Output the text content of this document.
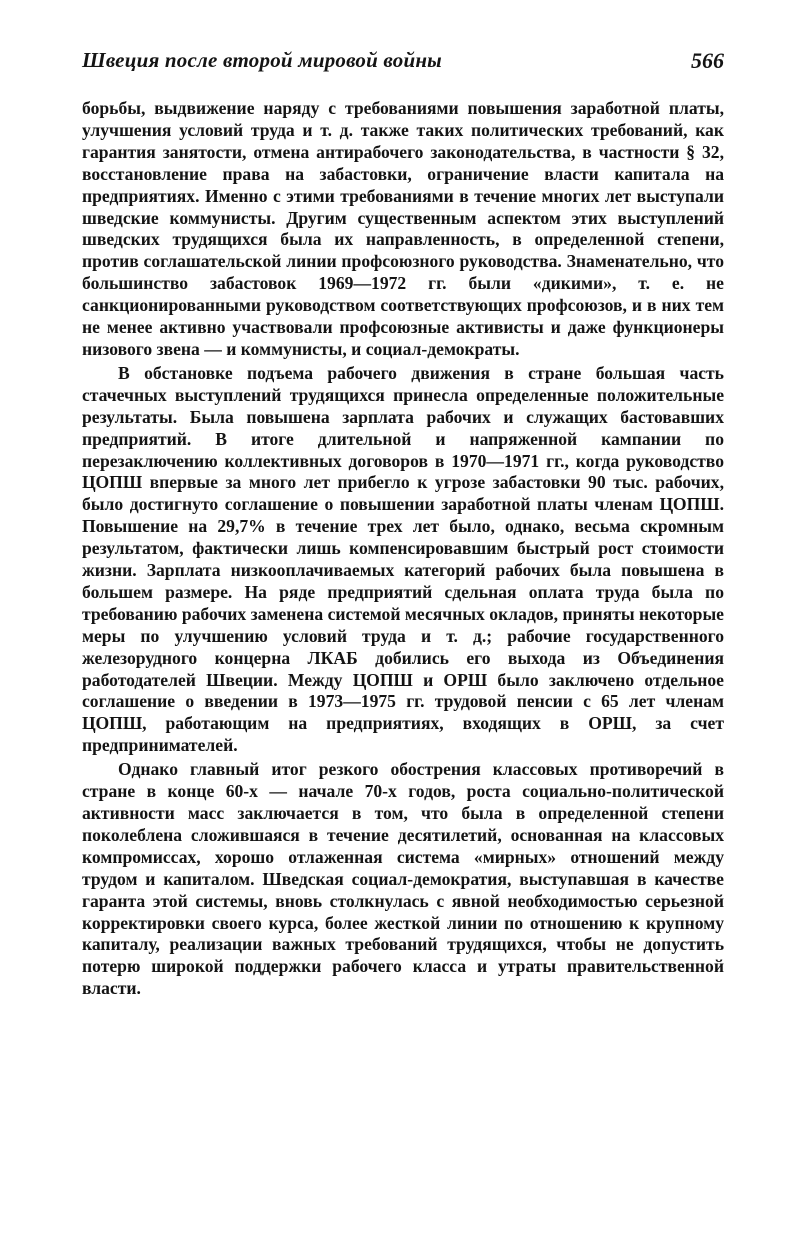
Швеция после второй мировой войны	566

борьбы, выдвижение наряду с требованиями повышения заработной платы, улучшения условий труда и т. д. также таких политических требований, как гарантия занятости, отмена антирабочего законодательства, в частности § 32, восстановление права на забастовки, ограничение власти капитала на предприятиях. Именно с этими требованиями в течение многих лет выступали шведские коммунисты. Другим существенным аспектом этих выступлений шведских трудящихся была их направленность, в определенной степени, против соглашательской линии профсоюзного руководства. Знаменательно, что большинство забастовок 1969—1972 гг. были «дикими», т. е. не санкционированными руководством соответствующих профсоюзов, и в них тем не менее активно участвовали профсоюзные активисты и даже функционеры низового звена — и коммунисты, и социал-демократы.

В обстановке подъема рабочего движения в стране большая часть стачечных выступлений трудящихся принесла определенные положительные результаты. Была повышена зарплата рабочих и служащих бастовавших предприятий. В итоге длительной и напряженной кампании по перезаключению коллективных договоров в 1970—1971 гг., когда руководство ЦОПШ впервые за много лет прибегло к угрозе забастовки 90 тыс. рабочих, было достигнуто соглашение о повышении заработной платы членам ЦОПШ. Повышение на 29,7% в течение трех лет было, однако, весьма скромным результатом, фактически лишь компенсировавшим быстрый рост стоимости жизни. Зарплата низкооплачиваемых категорий рабочих была повышена в большем размере. На ряде предприятий сдельная оплата труда была по требованию рабочих заменена системой месячных окладов, приняты некоторые меры по улучшению условий труда и т. д.; рабочие государственного железорудного концерна ЛКАБ добились его выхода из Объединения работодателей Швеции. Между ЦОПШ и ОРШ было заключено отдельное соглашение о введении в 1973—1975 гг. трудовой пенсии с 65 лет членам ЦОПШ, работающим на предприятиях, входящих в ОРШ, за счет предпринимателей.

Однако главный итог резкого обострения классовых противоречий в стране в конце 60-х — начале 70-х годов, роста социально-политической активности масс заключается в том, что была в определенной степени поколеблена сложившаяся в течение десятилетий, основанная на классовых компромиссах, хорошо отлаженная система «мирных» отношений между трудом и капиталом. Шведская социал-демократия, выступавшая в качестве гаранта этой системы, вновь столкнулась с явной необходимостью серьезной корректировки своего курса, более жесткой линии по отношению к крупному капиталу, реализации важных требований трудящихся, чтобы не допустить потерю широкой поддержки рабочего класса и утраты правительственной власти.
